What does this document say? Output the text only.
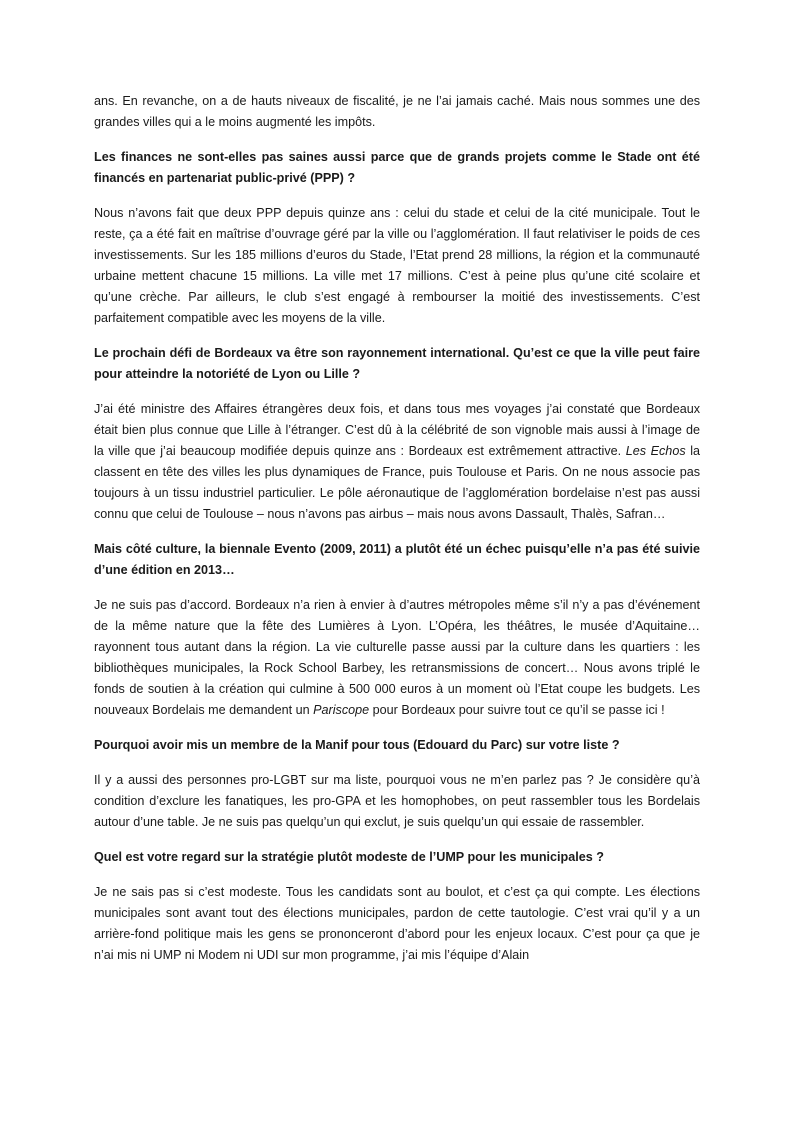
ans. En revanche, on a de hauts niveaux de fiscalité, je ne l’ai jamais caché. Mais nous sommes une des grandes villes qui a le moins augmenté les impôts.

Les finances ne sont-elles pas saines aussi parce que de grands projets comme le Stade ont été financés en partenariat public-privé (PPP) ?

Nous n’avons fait que deux PPP depuis quinze ans : celui du stade et celui de la cité municipale. Tout le reste, ça a été fait en maîtrise d’ouvrage géré par la ville ou l’agglomération. Il faut relativiser le poids de ces investissements. Sur les 185 millions d’euros du Stade, l’Etat prend 28 millions, la région et la communauté urbaine mettent chacune 15 millions. La ville met 17 millions. C’est à peine plus qu’une cité scolaire et qu’une crèche. Par ailleurs, le club s’est engagé à rembourser la moitié des investissements. C’est parfaitement compatible avec les moyens de la ville.

Le prochain défi de Bordeaux va être son rayonnement international. Qu’est ce que la ville peut faire pour atteindre la notoriété de Lyon ou Lille ?

J’ai été ministre des Affaires étrangères deux fois, et dans tous mes voyages j’ai constaté que Bordeaux était bien plus connue que Lille à l’étranger. C’est dû à la célébrité de son vignoble mais aussi à l’image de la ville que j’ai beaucoup modifiée depuis quinze ans : Bordeaux est extrêmement attractive. Les Echos la classent en tête des villes les plus dynamiques de France, puis Toulouse et Paris. On ne nous associe pas toujours à un tissu industriel particulier. Le pôle aéronautique de l’agglomération bordelaise n’est pas aussi connu que celui de Toulouse – nous n’avons pas airbus – mais nous avons Dassault, Thalès, Safran…

Mais côté culture, la biennale Evento (2009, 2011) a plutôt été un échec puisqu’elle n’a pas été suivie d’une édition en 2013…

Je ne suis pas d’accord. Bordeaux n’a rien à envier à d’autres métropoles même s’il n’y a pas d’événement de la même nature que la fête des Lumières à Lyon. L’Opéra, les théâtres, le musée d’Aquitaine… rayonnent tous autant dans la région. La vie culturelle passe aussi par la culture dans les quartiers : les bibliothèques municipales, la Rock School Barbey, les retransmissions de concert… Nous avons triplé le fonds de soutien à la création qui culmine à 500 000 euros à un moment où l’Etat coupe les budgets. Les nouveaux Bordelais me demandent un Pariscope pour Bordeaux pour suivre tout ce qu’il se passe ici !

Pourquoi avoir mis un membre de la Manif pour tous (Edouard du Parc) sur votre liste ?

Il y a aussi des personnes pro-LGBT sur ma liste, pourquoi vous ne m’en parlez pas ? Je considère qu’à condition d’exclure les fanatiques, les pro-GPA et les homophobes, on peut rassembler tous les Bordelais autour d’une table. Je ne suis pas quelqu’un qui exclut, je suis quelqu’un qui essaie de rassembler.

Quel est votre regard sur la stratégie plutôt modeste de l’UMP pour les municipales ?

Je ne sais pas si c’est modeste. Tous les candidats sont au boulot, et c’est ça qui compte. Les élections municipales sont avant tout des élections municipales, pardon de cette tautologie. C’est vrai qu’il y a un arrière-fond politique mais les gens se prononceront d’abord pour les enjeux locaux. C’est pour ça que je n’ai mis ni UMP ni Modem ni UDI sur mon programme, j’ai mis l’équipe d’Alain
